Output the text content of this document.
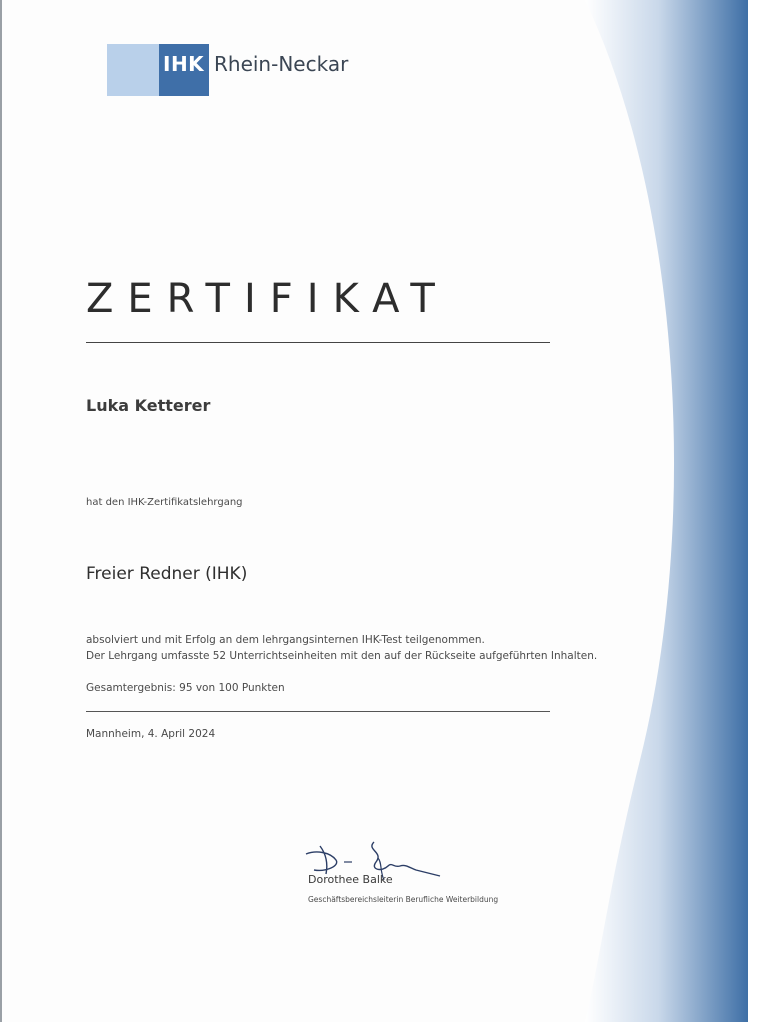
IHK Rhein-Neckar
ZERTIFIKAT
Luka Ketterer
hat den IHK-Zertifikatslehrgang
Freier Redner (IHK)
absolviert und mit Erfolg an dem lehrgangsinternen IHK-Test teilgenommen.
Der Lehrgang umfasste 52 Unterrichtseinheiten mit den auf der Rückseite aufgeführten Inhalten.
Gesamtergebnis: 95 von 100 Punkten
Mannheim, 4. April 2024
Dorothee Balke
Geschäftsbereichsleiterin Berufliche Weiterbildung
